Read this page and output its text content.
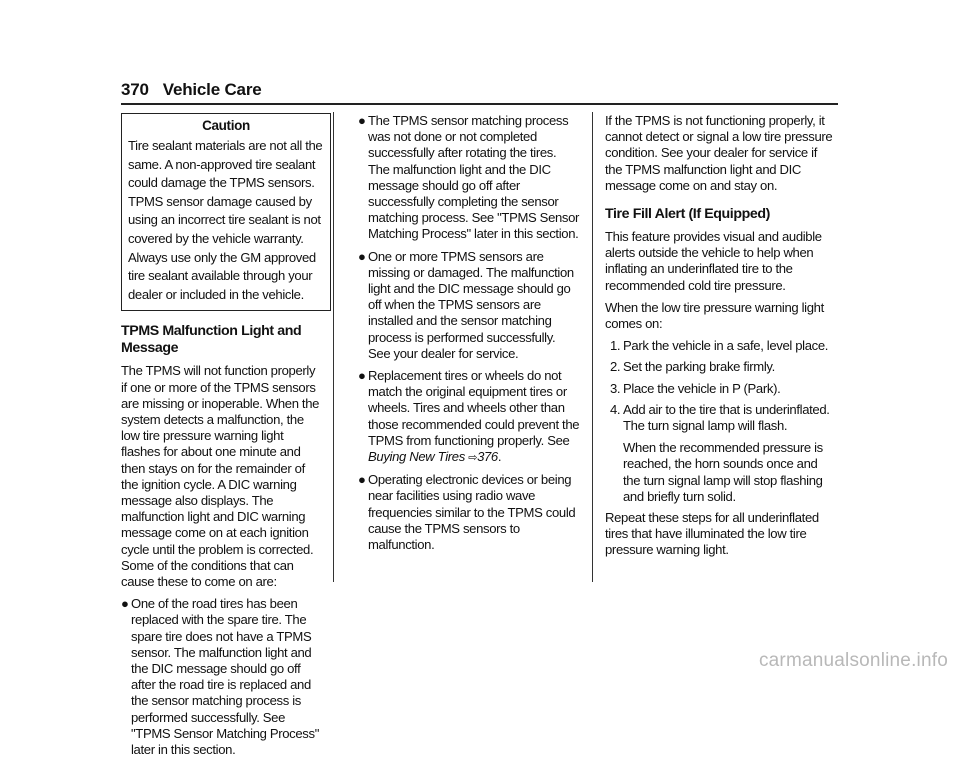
370 Vehicle Care
Caution
Tire sealant materials are not all the same. A non-approved tire sealant could damage the TPMS sensors. TPMS sensor damage caused by using an incorrect tire sealant is not covered by the vehicle warranty. Always use only the GM approved tire sealant available through your dealer or included in the vehicle.
TPMS Malfunction Light and Message

The TPMS will not function properly if one or more of the TPMS sensors are missing or inoperable. When the system detects a malfunction, the low tire pressure warning light flashes for about one minute and then stays on for the remainder of the ignition cycle. A DIC warning message also displays. The malfunction light and DIC warning message come on at each ignition cycle until the problem is corrected. Some of the conditions that can cause these to come on are:

● One of the road tires has been replaced with the spare tire. The spare tire does not have a TPMS sensor. The malfunction light and the DIC message should go off after the road tire is replaced and the sensor matching process is performed successfully. See "TPMS Sensor Matching Process" later in this section.
● The TPMS sensor matching process was not done or not completed successfully after rotating the tires. The malfunction light and the DIC message should go off after successfully completing the sensor matching process. See "TPMS Sensor Matching Process" later in this section.
● One or more TPMS sensors are missing or damaged. The malfunction light and the DIC message should go off when the TPMS sensors are installed and the sensor matching process is performed successfully. See your dealer for service.
● Replacement tires or wheels do not match the original equipment tires or wheels. Tires and wheels other than those recommended could prevent the TPMS from functioning properly. See Buying New Tires ⇨376.
● Operating electronic devices or being near facilities using radio wave frequencies similar to the TPMS could cause the TPMS sensors to malfunction.

If the TPMS is not functioning properly, it cannot detect or signal a low tire pressure condition. See your dealer for service if the TPMS malfunction light and DIC message come on and stay on.

Tire Fill Alert (If Equipped)

This feature provides visual and audible alerts outside the vehicle to help when inflating an underinflated tire to the recommended cold tire pressure.

When the low tire pressure warning light comes on:

1. Park the vehicle in a safe, level place.
2. Set the parking brake firmly.
3. Place the vehicle in P (Park).
4. Add air to the tire that is underinflated. The turn signal lamp will flash.
When the recommended pressure is reached, the horn sounds once and the turn signal lamp will stop flashing and briefly turn solid.

Repeat these steps for all underinflated tires that have illuminated the low tire pressure warning light.

carmanualsonline.info
